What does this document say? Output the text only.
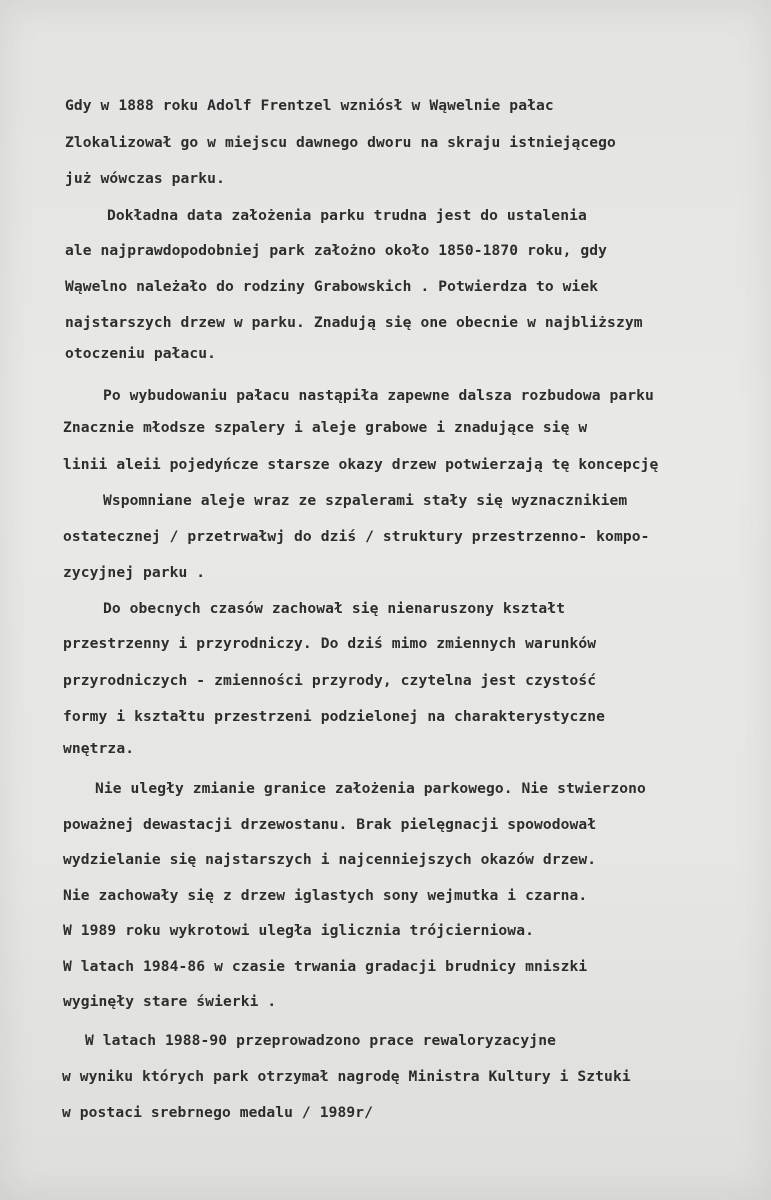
Gdy w 1888 roku Adolf Frentzel wzniósł w Wąwelnie pałac
Zlokalizował go w miejscu dawnego dworu na skraju istniejącego
już wówczas parku.
Dokładna data założenia parku trudna jest do ustalenia
ale najprawdopodobniej park założno około 1850-1870 roku, gdy
Wąwelno należało do rodziny Grabowskich . Potwierdza to wiek
najstarszych drzew w parku. Znadują się one obecnie w najbliższym
otoczeniu pałacu.
Po wybudowaniu pałacu nastąpiła zapewne dalsza rozbudowa parku
Znacznie młodsze szpalery i aleje grabowe i znadujące się w
linii aleii pojedyńcze starsze okazy drzew potwierzają tę koncepcję
Wspomniane aleje wraz ze szpalerami stały się wyznacznikiem
ostatecznej / przetrwałwj do dziś / struktury przestrzenno- kompo-
zycyjnej parku .
Do obecnych czasów zachował się nienaruszony kształt
przestrzenny i przyrodniczy. Do dziś mimo zmiennych warunków
przyrodniczych - zmienności przyrody, czytelna jest czystość
formy i kształtu przestrzeni podzielonej na charakterystyczne
wnętrza.
Nie uległy zmianie granice założenia parkowego. Nie stwierzono
poważnej dewastacji drzewostanu. Brak pielęgnacji spowodował
wydzielanie się najstarszych i najcenniejszych okazów drzew.
Nie zachowały się z drzew iglastych sony wejmutka i czarna.
W 1989 roku wykrotowi uległa iglicznia trójcierniowa.
W latach 1984-86 w czasie trwania gradacji brudnicy mniszki
wyginęły stare świerki .
W latach 1988-90 przeprowadzono prace rewaloryzacyjne
w wyniku których park otrzymał nagrodę Ministra Kultury i Sztuki
w postaci srebrnego medalu / 1989r/
